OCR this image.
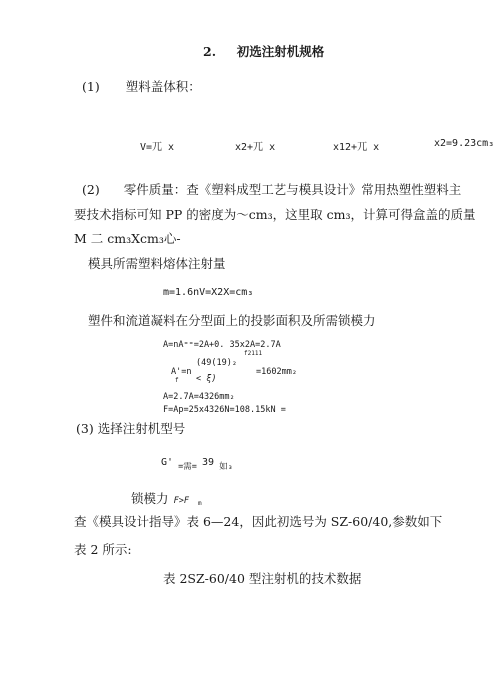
2. 初选注射机规格
(1) 塑料盖体积：
V=兀 x	x2+兀 x	x12+兀 x	x2=9.23cm₃
(2) 零件质量：查《塑料成型工艺与模具设计》常用热塑性塑料主
要技术指标可知 PP 的密度为～cm₃，这里取 cm₃，计算可得盒盖的质量
M 二 cm₃Xcm₃心-
模具所需塑料熔体注射量
m=1.6nV=X2X=cm₃
塑件和流道凝料在分型面上的投影面积及所需锁模力
A=nA⁼⁼=2A+0. 35x2A=2.7A
f2111
A'=n
(49(19)₂
< ξ)
f
=1602mm₂
A=2.7A=4326mm₂
F=Ap=25x4326N=108.15kN =
(3) 选择注射机型号
G' $_{=需=}$ 39 $_{如_3}$
锁模力 F>F m
查《模具设计指导》表 6—24，因此初选号为 SZ-60/40,参数如下
表 2 所示:
表 2SZ-60/40 型注射机的技术数据
